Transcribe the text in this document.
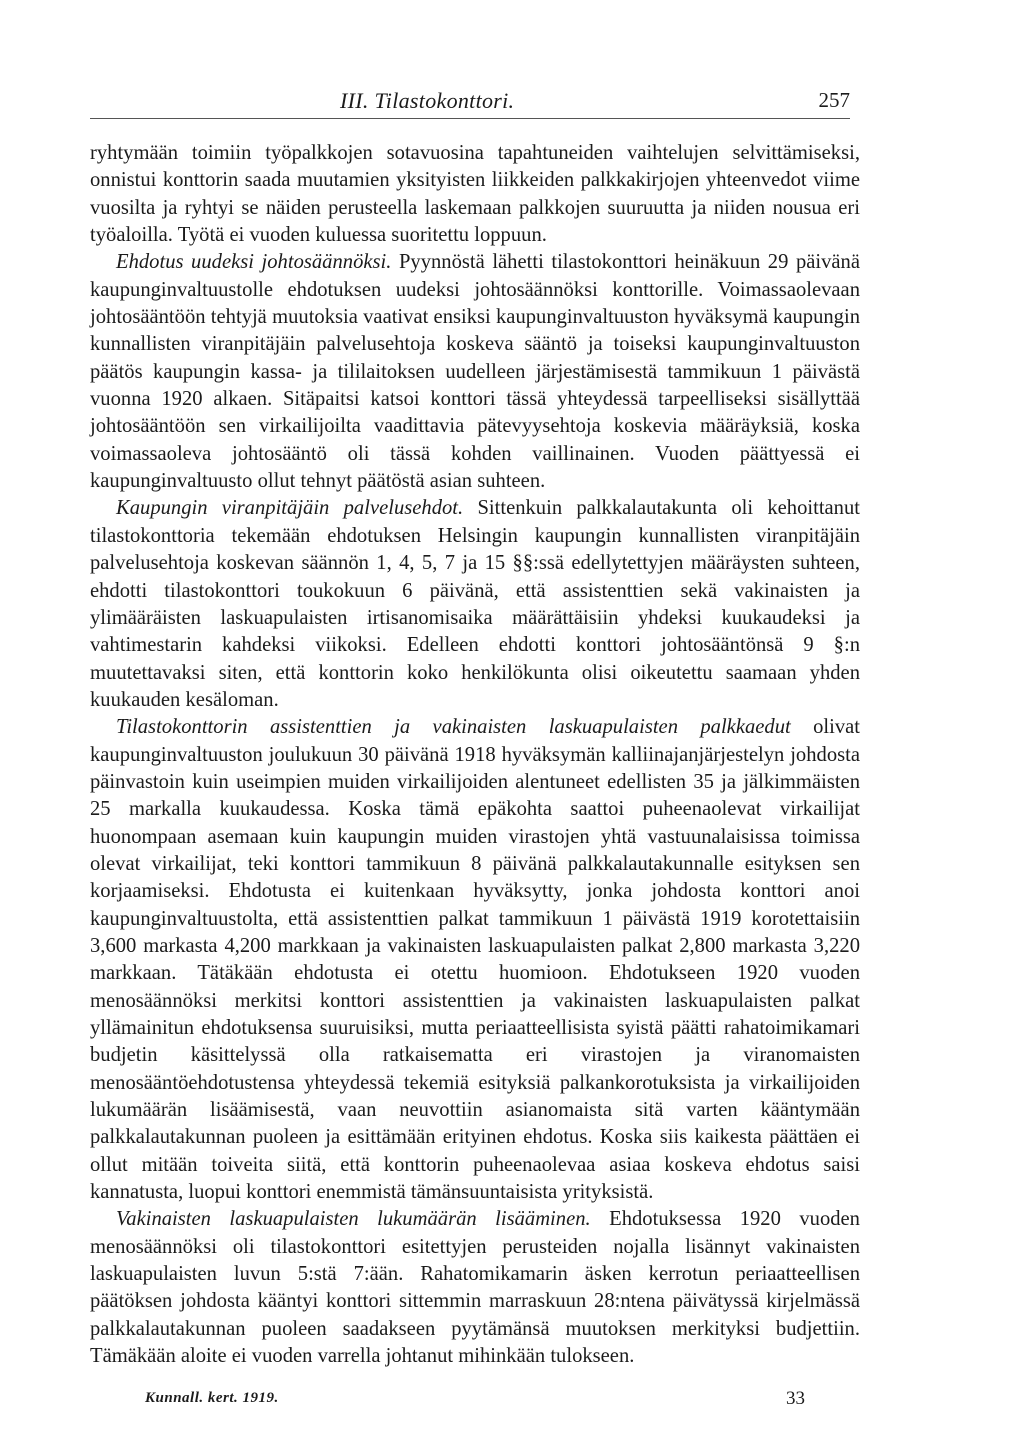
III. Tilastokonttori.	257

ryhtymään toimiin työpalkkojen sotavuosina tapahtuneiden vaihtelujen selvittämiseksi, onnistui konttorin saada muutamien yksityisten liikkeiden palkkakirjojen yhteenvedot viime vuosilta ja ryhtyi se näiden perusteella laskemaan palkkojen suuruutta ja niiden nousua eri työaloilla. Työtä ei vuoden kuluessa suoritettu loppuun.

Ehdotus uudeksi johtosäännöksi. Pyynnöstä lähetti tilastokonttori heinäkuun 29 päivänä kaupunginvaltuustolle ehdotuksen uudeksi johtosäännöksi konttorille. Voimassaolevaan johtosääntöön tehtyjä muutoksia vaativat ensiksi kaupunginvaltuuston hyväksymä kaupungin kunnallisten viranpitäjäin palvelusehtoja koskeva sääntö ja toiseksi kaupunginvaltuuston päätös kaupungin kassa- ja tililaitoksen uudelleen järjestämisestä tammikuun 1 päivästä vuonna 1920 alkaen. Sitäpaitsi katsoi konttori tässä yhteydessä tarpeelliseksi sisällyttää johtosääntöön sen virkailijoilta vaadittavia pätevyysehtoja koskevia määräyksiä, koska voimassaoleva johtosääntö oli tässä kohden vaillinainen. Vuoden päättyessä ei kaupunginvaltuusto ollut tehnyt päätöstä asian suhteen.

Kaupungin viranpitäjäin palvelusehdot. Sittenkuin palkkalautakunta oli kehoittanut tilastokonttoria tekemään ehdotuksen Helsingin kaupungin kunnallisten viranpitäjäin palvelusehtoja koskevan säännön 1, 4, 5, 7 ja 15 §§:ssä edellytettyjen määräysten suhteen, ehdotti tilastokonttori toukokuun 6 päivänä, että assistenttien sekä vakinaisten ja ylimääräisten laskuapulaisten irtisanomisaika määrättäisiin yhdeksi kuukaudeksi ja vahtimestarin kahdeksi viikoksi. Edelleen ehdotti konttori johtosääntönsä 9 §:n muutettavaksi siten, että konttorin koko henkilökunta olisi oikeutettu saamaan yhden kuukauden kesäloman.

Tilastokonttorin assistenttien ja vakinaisten laskuapulaisten palkkaedut olivat kaupunginvaltuuston joulukuun 30 päivänä 1918 hyväksymän kalliinajanjärjestelyn johdosta päinvastoin kuin useimpien muiden virkailijoiden alentuneet edellisten 35 ja jälkimmäisten 25 markalla kuukaudessa. Koska tämä epäkohta saattoi puheenaolevat virkailijat huonompaan asemaan kuin kaupungin muiden virastojen yhtä vastuunalaisissa toimissa olevat virkailijat, teki konttori tammikuun 8 päivänä palkkalautakunnalle esityksen sen korjaamiseksi. Ehdotusta ei kuitenkaan hyväksytty, jonka johdosta konttori anoi kaupunginvaltuustolta, että assistenttien palkat tammikuun 1 päivästä 1919 korotettaisiin 3,600 markasta 4,200 markkaan ja vakinaisten laskuapulaisten palkat 2,800 markasta 3,220 markkaan. Tätäkään ehdotusta ei otettu huomioon. Ehdotukseen 1920 vuoden menosäännöksi merkitsi konttori assistenttien ja vakinaisten laskuapulaisten palkat yllämainitun ehdotuksensa suuruisiksi, mutta periaatteellisista syistä päätti rahatoimikamari budjetin käsittelyssä olla ratkaisematta eri virastojen ja viranomaisten menosääntöehdotustensa yhteydessä tekemiä esityksiä palkankorotuksista ja virkailijoiden lukumäärän lisäämisestä, vaan neuvottiin asianomaista sitä varten kääntymään palkkalautakunnan puoleen ja esittämään erityinen ehdotus. Koska siis kaikesta päättäen ei ollut mitään toiveita siitä, että konttorin puheenaolevaa asiaa koskeva ehdotus saisi kannatusta, luopui konttori enemmistä tämänsuuntaisista yrityksistä.

Vakinaisten laskuapulaisten lukumäärän lisääminen. Ehdotuksessa 1920 vuoden menosäännöksi oli tilastokonttori esitettyjen perusteiden nojalla lisännyt vakinaisten laskuapulaisten luvun 5:stä 7:ään. Rahatomikamarin äsken kerrotun periaatteellisen päätöksen johdosta kääntyi konttori sittemmin marraskuun 28:ntena päivätyssä kirjelmässä palkkalautakunnan puoleen saadakseen pyytämänsä muutoksen merkityksi budjettiin. Tämäkään aloite ei vuoden varrella johtanut mihinkään tulokseen.

Kunnall. kert. 1919.	33
